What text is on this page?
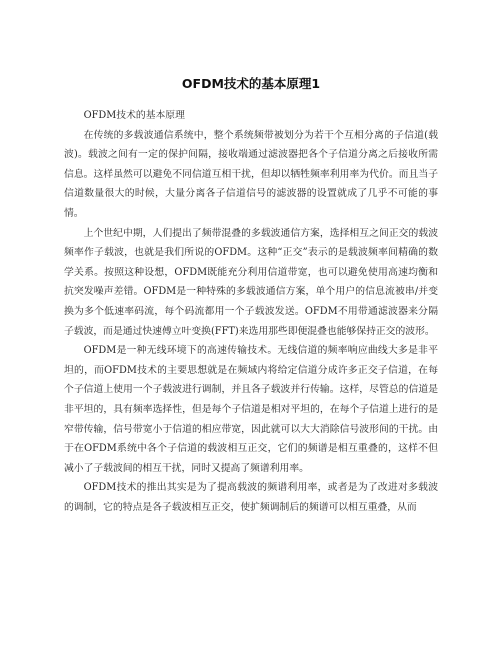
OFDM技术的基本原理1

OFDM技术的基本原理

在传统的多载波通信系统中，整个系统频带被划分为若干个互相分离的子信道(载波)。载波之间有一定的保护间隔，接收端通过滤波器把各个子信道分离之后接收所需信息。这样虽然可以避免不同信道互相干扰，但却以牺牲频率利用率为代价。而且当子信道数量很大的时候，大量分离各子信道信号的滤波器的设置就成了几乎不可能的事情。

上个世纪中期，人们提出了频带混叠的多载波通信方案，选择相互之间正交的载波频率作子载波，也就是我们所说的OFDM。这种“正交”表示的是载波频率间精确的数学关系。按照这种设想，OFDM既能充分利用信道带宽，也可以避免使用高速均衡和抗突发噪声差错。OFDM是一种特殊的多载波通信方案，单个用户的信息流被串/并变换为多个低速率码流，每个码流都用一个子载波发送。OFDM不用带通滤波器来分隔子载波，而是通过快速傅立叶变换(FFT)来选用那些即便混叠也能够保持正交的波形。

OFDM是一种无线环境下的高速传输技术。无线信道的频率响应曲线大多是非平坦的，而OFDM技术的主要思想就是在频域内将给定信道分成许多正交子信道，在每个子信道上使用一个子载波进行调制，并且各子载波并行传输。这样，尽管总的信道是非平坦的，具有频率选择性，但是每个子信道是相对平坦的，在每个子信道上进行的是窄带传输，信号带宽小于信道的相应带宽，因此就可以大大消除信号波形间的干扰。由于在OFDM系统中各个子信道的载波相互正交，它们的频谱是相互重叠的，这样不但减小了子载波间的相互干扰，同时又提高了频谱利用率。

OFDM技术的推出其实是为了提高载波的频谱利用率，或者是为了改进对多载波的调制，它的特点是各子载波相互正交，使扩频调制后的频谱可以相互重叠，从而
